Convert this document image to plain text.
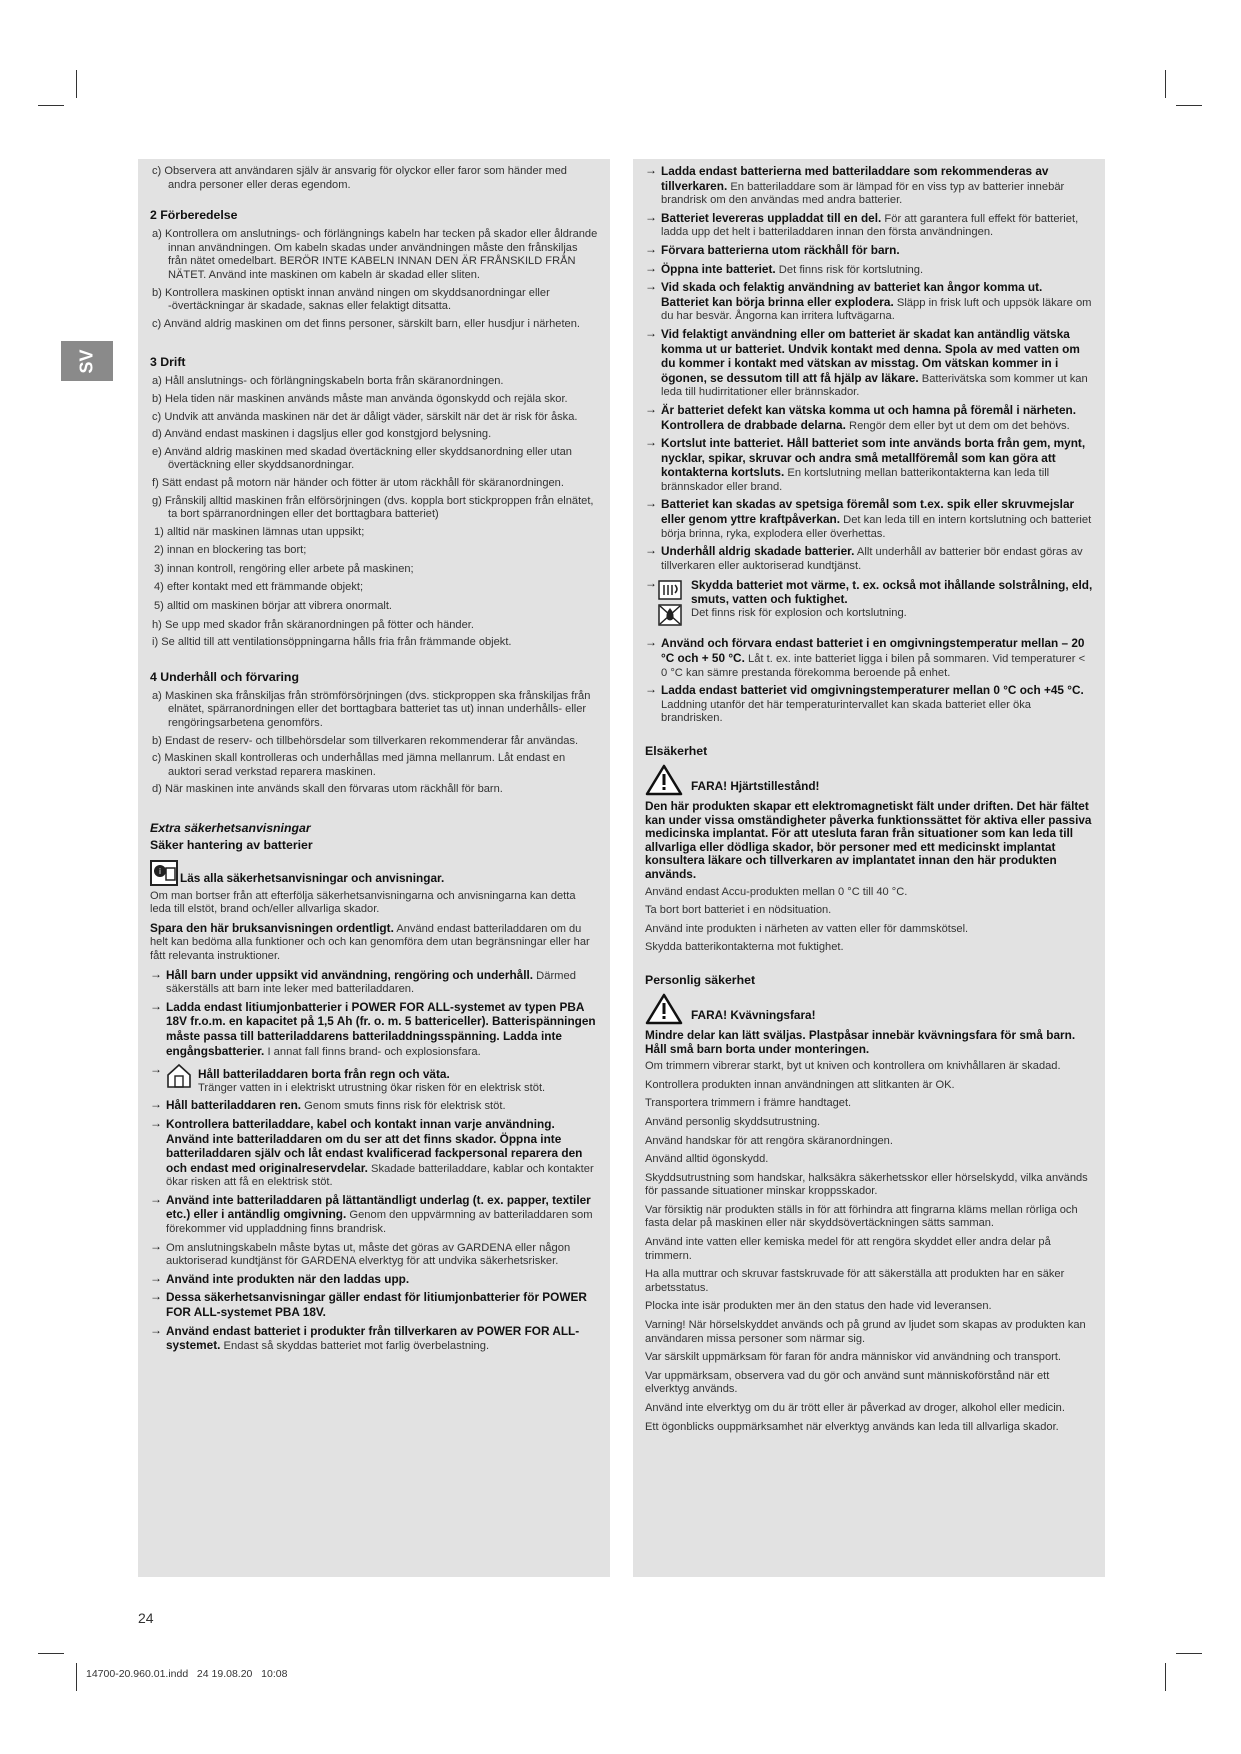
SV

c) Observera att användaren själv är ansvarig för olyckor eller faror som händer med andra personer eller deras egendom.

2 Förberedelse

a) Kontrollera om anslutnings- och förlängnings kabeln har tecken på skador eller åldrande innan användningen. Om kabeln skadas under användningen måste den frånskiljas från nätet omedelbart. BERÖR INTE KABELN INNAN DEN ÄR FRÅNSKILD FRÅN NÄTET. Använd inte maskinen om kabeln är skadad eller sliten.

b) Kontrollera maskinen optiskt innan använd ningen om skyddsanordningar eller -övertäckningar är skadade, saknas eller felaktigt ditsatta.

c) Använd aldrig maskinen om det finns personer, särskilt barn, eller husdjur i närheten.

3 Drift

a) Håll anslutnings- och förlängningskabeln borta från skäranordningen.

b) Hela tiden när maskinen används måste man använda ögonskydd och rejäla skor.

c) Undvik att använda maskinen när det är dåligt väder, särskilt när det är risk för åska.

d) Använd endast maskinen i dagsljus eller god konstgjord belysning.

e) Använd aldrig maskinen med skadad övertäckning eller skyddsanordning eller utan övertäckning eller skyddsanordningar.

f) Sätt endast på motorn när händer och fötter är utom räckhåll för skäranordningen.

g) Frånskilj alltid maskinen från elförsörjningen (dvs. koppla bort stickproppen från elnätet, ta bort spärranordningen eller det borttagbara batteriet)

1) alltid när maskinen lämnas utan uppsikt;

2) innan en blockering tas bort;

3) innan kontroll, rengöring eller arbete på maskinen;

4) efter kontakt med ett främmande objekt;

5) alltid om maskinen börjar att vibrera onormalt.

h) Se upp med skador från skäranordningen på fötter och händer.

i) Se alltid till att ventilationsöppningarna hålls fria från främmande objekt.

4 Underhåll och förvaring

a) Maskinen ska frånskiljas från strömförsörjningen (dvs. stickproppen ska frånskiljas från elnätet, spärranordningen eller det borttagbara batteriet tas ut) innan underhålls- eller rengöringsarbetena genomförs.

b) Endast de reserv- och tillbehörsdelar som tillverkaren rekommenderar får användas.

c) Maskinen skall kontrolleras och underhållas med jämna mellanrum. Låt endast en auktori serad verkstad reparera maskinen.

d) När maskinen inte används skall den förvaras utom räckhåll för barn.

Extra säkerhetsanvisningar
Säker hantering av batterier
i Läs alla säkerhetsanvisningar och anvisningar.

Om man bortser från att efterfölja säkerhetsanvisningarna och anvisningarna kan detta leda till elstöt, brand och/eller allvarliga skador.

Spara den här bruksanvisningen ordentligt. Använd endast batteriladdaren om du helt kan bedöma alla funktioner och och kan genomföra dem utan begränsningar eller har fått relevanta instruktioner.

→ Håll barn under uppsikt vid användning, rengöring och underhåll. Därmed säkerställs att barn inte leker med batteriladdaren.
→ Ladda endast litiumjonbatterier i POWER FOR ALL-systemet av typen PBA 18V fr.o.m. en kapacitet på 1,5 Ah (fr. o. m. 5 battericeller). Batterispänningen måste passa till batteriladdarens batteriladdningsspänning. Ladda inte engångsbatterier. I annat fall finns brand- och explosionsfara.
→	Håll batteriladdaren borta från regn och väta.
Tränger vatten in i elektriskt utrustning ökar risken för en elektrisk stöt.
→ Håll batteriladdaren ren. Genom smuts finns risk för elektrisk stöt.
→ Kontrollera batteriladdare, kabel och kontakt innan varje användning. Använd inte batteriladdaren om du ser att det finns skador. Öppna inte batteriladdaren själv och låt endast kvalificerad fackpersonal reparera den och endast med originalreservdelar. Skadade batteriladdare, kablar och kontakter ökar risken att få en elektrisk stöt.
→ Använd inte batteriladdaren på lättantändligt underlag (t. ex. papper, textiler etc.) eller i antändlig omgivning. Genom den uppvärmning av batteriladdaren som förekommer vid uppladdning finns brandrisk.
→ Om anslutningskabeln måste bytas ut, måste det göras av GARDENA eller någon auktoriserad kundtjänst för GARDENA elverktyg för att undvika säkerhetsrisker.
→ Använd inte produkten när den laddas upp.
→ Dessa säkerhetsanvisningar gäller endast för litiumjonbatterier för POWER FOR ALL-systemet PBA 18V.
→ Använd endast batteriet i produkter från tillverkaren av POWER FOR ALL-systemet. Endast så skyddas batteriet mot farlig överbelastning.
→ Ladda endast batterierna med batteriladdare som rekommenderas av tillverkaren. En batteriladdare som är lämpad för en viss typ av batterier innebär brandrisk om den användas med andra batterier.
→ Batteriet levereras uppladdat till en del. För att garantera full effekt för batteriet, ladda upp det helt i batteriladdaren innan den första användningen.
→ Förvara batterierna utom räckhåll för barn.
→ Öppna inte batteriet. Det finns risk för kortslutning.
→ Vid skada och felaktig användning av batteriet kan ångor komma ut. Batteriet kan börja brinna eller explodera. Släpp in frisk luft och uppsök läkare om du har besvär. Ångorna kan irritera luftvägarna.
→ Vid felaktigt användning eller om batteriet är skadat kan antändlig vätska komma ut ur batteriet. Undvik kontakt med denna. Spola av med vatten om du kommer i kontakt med vätskan av misstag. Om vätskan kommer in i ögonen, se dessutom till att få hjälp av läkare. Batterivätska som kommer ut kan leda till hudirritationer eller brännskador.
→ Är batteriet defekt kan vätska komma ut och hamna på föremål i närheten. Kontrollera de drabbade delarna. Rengör dem eller byt ut dem om det behövs.
→ Kortslut inte batteriet. Håll batteriet som inte används borta från gem, mynt, nycklar, spikar, skruvar och andra små metallföremål som kan göra att kontakterna kortsluts. En kortslutning mellan batterikontakterna kan leda till brännskador eller brand.
→ Batteriet kan skadas av spetsiga föremål som t.ex. spik eller skruvmejslar eller genom yttre kraftpåverkan. Det kan leda till en intern kortslutning och batteriet börja brinna, ryka, explodera eller överhettas.
→ Underhåll aldrig skadade batterier. Allt underhåll av batterier bör endast göras av tillverkaren eller auktoriserad kundtjänst.
→	Skydda batteriet mot värme, t. ex. också mot ihållande solstrålning, eld, smuts, vatten och fuktighet.
Det finns risk för explosion och kortslutning.
→ Använd och förvara endast batteriet i en omgivningstemperatur mellan – 20 °C och + 50 °C. Låt t. ex. inte batteriet ligga i bilen på sommaren. Vid temperaturer < 0 °C kan sämre prestanda förekomma beroende på enhet.
→ Ladda endast batteriet vid omgivningstemperaturer mellan 0 °C och +45 °C. Laddning utanför det här temperaturintervallet kan skada batteriet eller öka brandrisken.
Elsäkerhet
FARA! Hjärtstillestånd!
Den här produkten skapar ett elektromagnetiskt fält under driften. Det här fältet kan under vissa omständigheter påverka funktionssättet för aktiva eller passiva medicinska implantat. För att utesluta faran från situationer som kan leda till allvarliga eller dödliga skador, bör personer med ett medicinskt implantat konsultera läkare och tillverkaren av implantatet innan den här produkten används.

Använd endast Accu-produkten mellan 0 °C till 40 °C.

Ta bort bort batteriet i en nödsituation.

Använd inte produkten i närheten av vatten eller för dammskötsel.

Skydda batterikontakterna mot fuktighet.

Personlig säkerhet
FARA! Kvävningsfara!
Mindre delar kan lätt sväljas. Plastpåsar innebär kvävningsfara för små barn. Håll små barn borta under monteringen.

Om trimmern vibrerar starkt, byt ut kniven och kontrollera om knivhållaren är skadad.

Kontrollera produkten innan användningen att slitkanten är OK.

Transportera trimmern i främre handtaget.

Använd personlig skyddsutrustning.

Använd handskar för att rengöra skäranordningen.

Använd alltid ögonskydd.

Skyddsutrustning som handskar, halksäkra säkerhetsskor eller hörselskydd, vilka används för passande situationer minskar kroppsskador.

Var försiktig när produkten ställs in för att förhindra att fingrarna kläms mellan rörliga och fasta delar på maskinen eller när skyddsövertäckningen sätts samman.

Använd inte vatten eller kemiska medel för att rengöra skyddet eller andra delar på trimmern.

Ha alla muttrar och skruvar fastskruvade för att säkerställa att produkten har en säker arbetsstatus.

Plocka inte isär produkten mer än den status den hade vid leveransen.

Varning! När hörselskyddet används och på grund av ljudet som skapas av produkten kan användaren missa personer som närmar sig.

Var särskilt uppmärksam för faran för andra människor vid användning och transport.

Var uppmärksam, observera vad du gör och använd sunt människoförstånd när ett elverktyg används.

Använd inte elverktyg om du är trött eller är påverkad av droger, alkohol eller medicin.

Ett ögonblicks ouppmärksamhet när elverktyg används kan leda till allvarliga skador.

24
14700-20.960.01.indd   24 19.08.20   10:08
